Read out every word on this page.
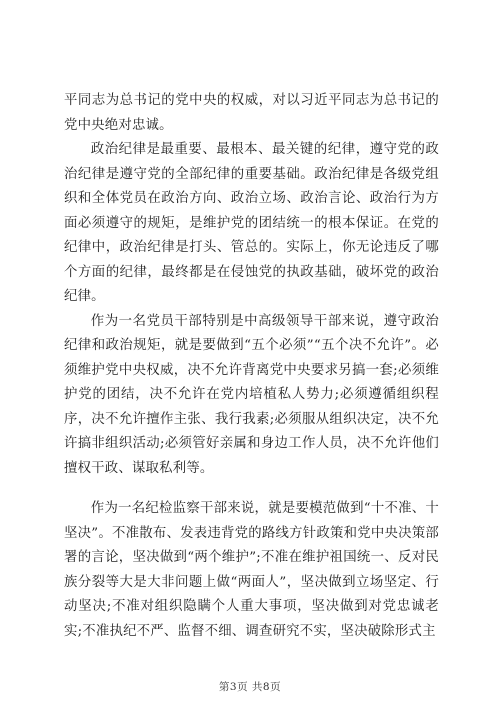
平同志为总书记的党中央的权威，对以习近平同志为总书记的党中央绝对忠诚。

政治纪律是最重要、最根本、最关键的纪律，遵守党的政治纪律是遵守党的全部纪律的重要基础。政治纪律是各级党组织和全体党员在政治方向、政治立场、政治言论、政治行为方面必须遵守的规矩，是维护党的团结统一的根本保证。在党的纪律中，政治纪律是打头、管总的。实际上，你无论违反了哪个方面的纪律，最终都是在侵蚀党的执政基础，破坏党的政治纪律。

作为一名党员干部特别是中高级领导干部来说，遵守政治纪律和政治规矩，就是要做到“五个必须”“五个决不允许”。必须维护党中央权威，决不允许背离党中央要求另搞一套;必须维护党的团结，决不允许在党内培植私人势力;必须遵循组织程序，决不允许擅作主张、我行我素;必须服从组织决定，决不允许搞非组织活动;必须管好亲属和身边工作人员，决不允许他们擅权干政、谋取私利等。

作为一名纪检监察干部来说，就是要模范做到“十不准、十坚决”。不准散布、发表违背党的路线方针政策和党中央决策部署的言论，坚决做到“两个维护”;不准在维护祖国统一、反对民族分裂等大是大非问题上做“两面人”，坚决做到立场坚定、行动坚决;不准对组织隐瞒个人重大事项，坚决做到对党忠诚老实;不准执纪不严、监督不细、调查研究不实，坚决破除形式主

第3页 共8页
